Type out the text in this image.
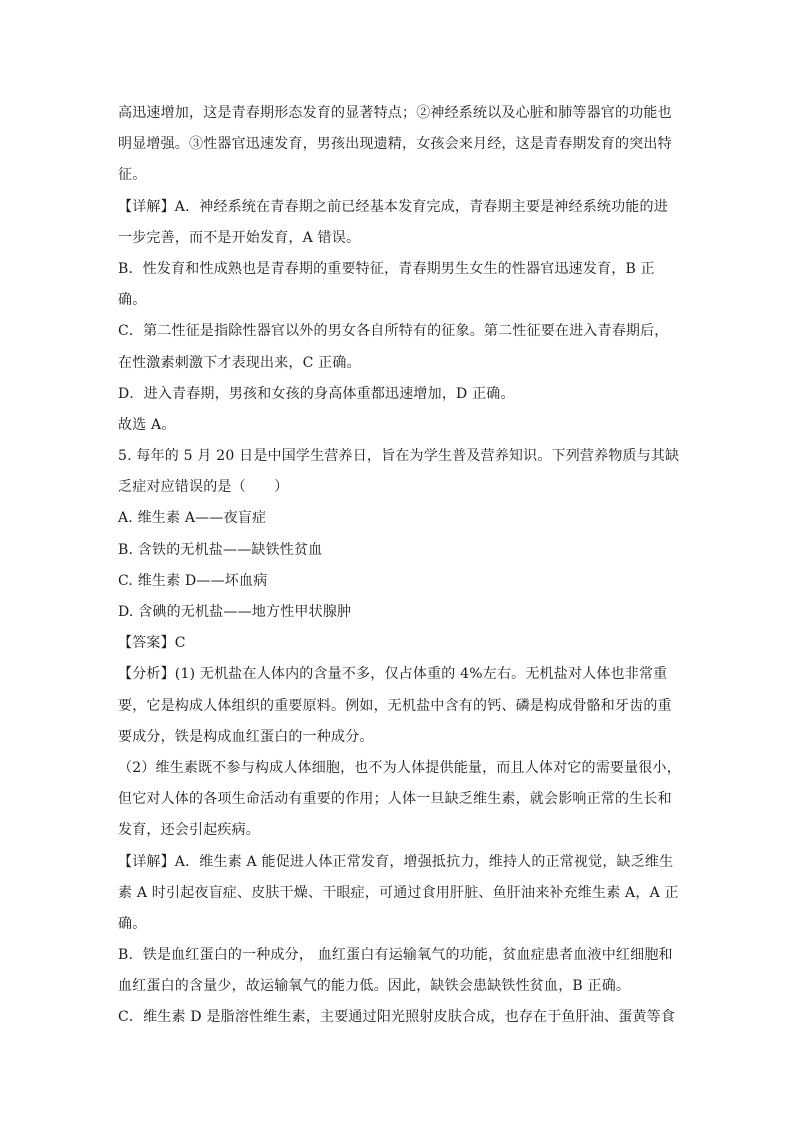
高迅速增加，这是青春期形态发育的显著特点；②神经系统以及心脏和肺等器官的功能也
明显增强。③性器官迅速发育，男孩出现遗精，女孩会来月经，这是青春期发育的突出特
征。
【详解】A．神经系统在青春期之前已经基本发育完成，青春期主要是神经系统功能的进
一步完善，而不是开始发育，A 错误。
B．性发育和性成熟也是青春期的重要特征，青春期男生女生的性器官迅速发育，B 正
确。
C．第二性征是指除性器官以外的男女各自所特有的征象。第二性征要在进入青春期后，
在性激素刺激下才表现出来，C 正确。
D．进入青春期，男孩和女孩的身高体重都迅速增加，D 正确。
故选 A。
5. 每年的 5 月 20 日是中国学生营养日，旨在为学生普及营养知识。下列营养物质与其缺
乏症对应错误的是（　　）
A. 维生素 A——夜盲症
B. 含铁的无机盐——缺铁性贫血
C. 维生素 D——坏血病
D. 含碘的无机盐——地方性甲状腺肿
【答案】C
【分析】(1) 无机盐在人体内的含量不多，仅占体重的 4%左右。无机盐对人体也非常重
要，它是构成人体组织的重要原料。例如，无机盐中含有的钙、磷是构成骨骼和牙齿的重
要成分，铁是构成血红蛋白的一种成分。
（2）维生素既不参与构成人体细胞，也不为人体提供能量，而且人体对它的需要量很小，
但它对人体的各项生命活动有重要的作用；人体一旦缺乏维生素，就会影响正常的生长和
发育，还会引起疾病。
【详解】A．维生素 A 能促进人体正常发育，增强抵抗力，维持人的正常视觉，缺乏维生
素 A 时引起夜盲症、皮肤干燥、干眼症，可通过食用肝脏、鱼肝油来补充维生素 A，A 正
确。
B．铁是血红蛋白的一种成分， 血红蛋白有运输氧气的功能，贫血症患者血液中红细胞和
血红蛋白的含量少，故运输氧气的能力低。因此，缺铁会患缺铁性贫血，B 正确。
C．维生素 D 是脂溶性维生素，主要通过阳光照射皮肤合成，也存在于鱼肝油、蛋黄等食
